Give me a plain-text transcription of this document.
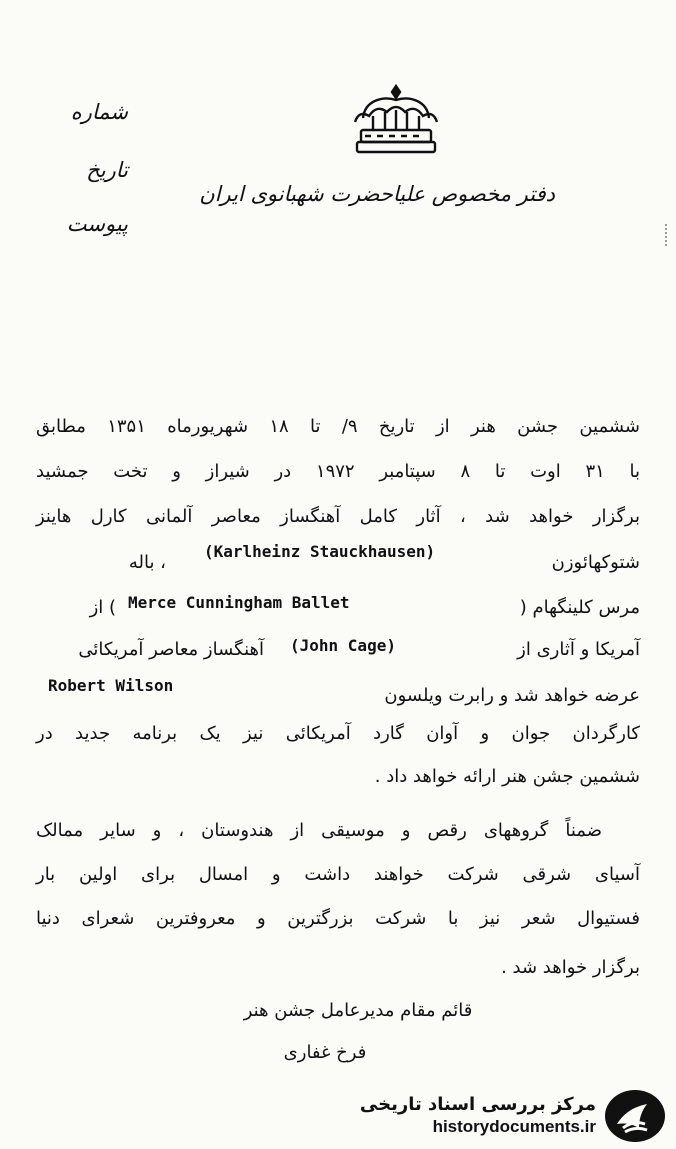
شماره
تاریخ
پیوست
دفتر مخصوص علیاحضرت شهبانوی ایران
ششمین جشن هنر از تاریخ ۹/ تا ۱۸ شهریورماه ۱۳۵۱ مطابق
با ۳۱ اوت تا ۸ سپتامبر ۱۹۷۲ در شیراز و تخت جمشید
برگزار خواهد شد ، آثار کامل آهنگساز معاصر آلمانی کارل هاینز
شتوکهائوزن
(Karlheinz Stauckhausen)
، باله
مرس کلینگهام (
Merce Cunningham Ballet
) از
آمریکا و آثاری از
(John Cage)
آهنگساز معاصر آمریکائی
Robert Wilson	عرضه خواهد شد و رابرت ویلسون
کارگردان جوان و آوان گارد آمریکائی نیز یک برنامه جدید در
ششمین جشن هنر ارائه خواهد داد .
ضمناً گروههای رقص و موسیقی از هندوستان ، و سایر ممالک
آسیای شرقی شرکت خواهند داشت و امسال برای اولین بار
فستیوال شعر نیز با شرکت بزرگترین و معروفترین شعرای دنیا
برگزار خواهد شد .
قائم مقام مدیرعامل جشن هنر
فرخ غفاری
مرکز بررسی اسناد تاریخی
historydocuments.ir
